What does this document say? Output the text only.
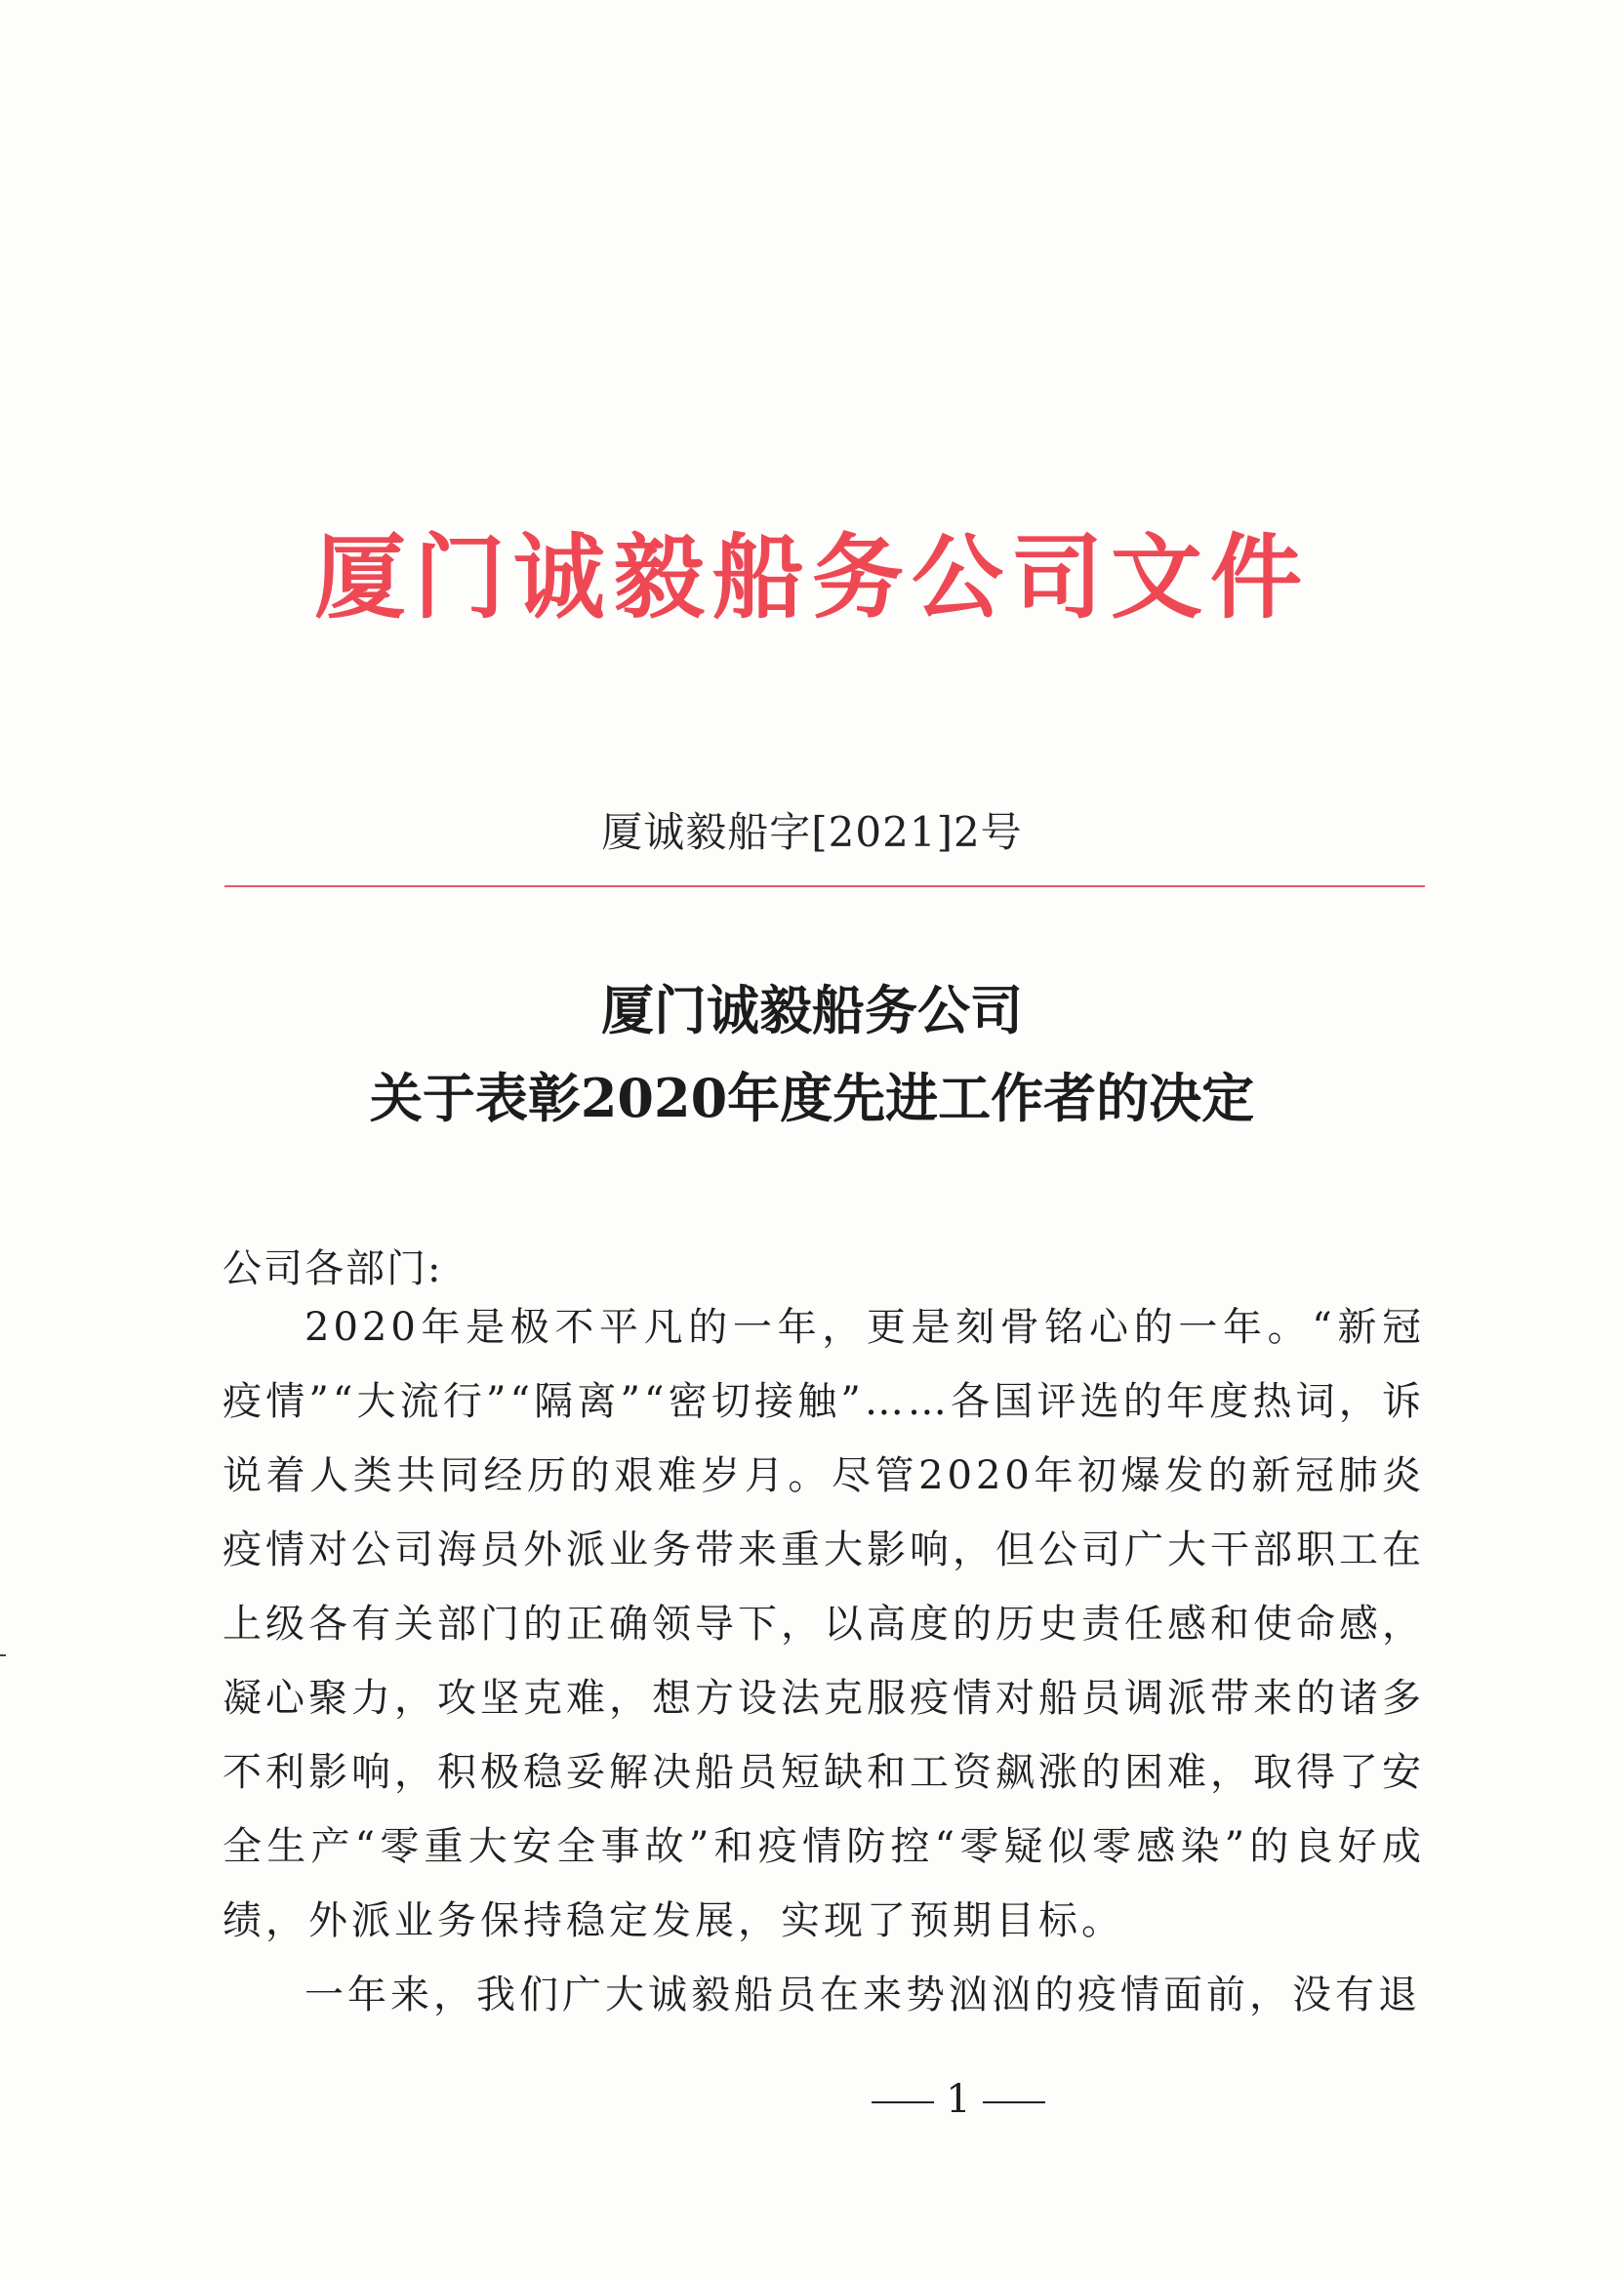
厦门诚毅船务公司文件
厦诚毅船字[2021]2号
厦门诚毅船务公司
关于表彰2020年度先进工作者的决定
公司各部门:

2020年是极不平凡的一年，更是刻骨铭心的一年。“新冠疫情”“大流行”“隔离”“密切接触”……各国评选的年度热词，诉说着人类共同经历的艰难岁月。尽管2020年初爆发的新冠肺炎疫情对公司海员外派业务带来重大影响，但公司广大干部职工在上级各有关部门的正确领导下，以高度的历史责任感和使命感，凝心聚力，攻坚克难，想方设法克服疫情对船员调派带来的诸多不利影响，积极稳妥解决船员短缺和工资飙涨的困难，取得了安全生产“零重大安全事故”和疫情防控“零疑似零感染”的良好成绩，外派业务保持稳定发展，实现了预期目标。

一年来，我们广大诚毅船员在来势汹汹的疫情面前，没有退

1
